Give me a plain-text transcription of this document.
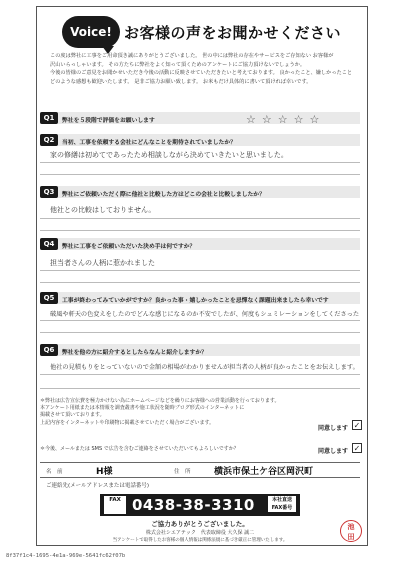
Voice! お客様の声をお聞かせください

この度は弊社に工事をご用命頂き誠にありがとうございました。 世の中には弊社の存在やサービスをご存知ない お客様が

沢山いらっしゃいます。 その方たちに弊社をよく知って頂くためのアンケートにご協力頂けないでしょうか。

今後の皆様のご意見をお聞かせいただき今後の活動に反映させていただきたいと考えております。 良かったこと、嫌しかったこと

どのような感想も歓迎いたします。 是非ご協力お願い致します。 お米もだけ具体的に書いて頂ければ幸いです。

Q1	弊社を５段階で評価をお願いします	☆☆☆☆☆
Q2	当初、工事を依頼する会社にどんなことを期待されていましたか？
家の修繕は初めてであったため相談しながら決めていきたいと思いました。
Q3	弊社にご依頼いただく際に他社と比較した方はどこの会社と比較しましたか？
他社との比較はしておりません。
Q4	弊社に工事をご依頼いただいた決め手は何ですか？
担当者さんの人柄に惹かれました
Q5	工事が終わってみていかがですか？良かった事・嬉しかったことを忌憚なく課題出来ましたら幸いです
破風や軒天の色変えをしたのでどんな感じになるのか不安でしたが、何度もシュミレーションをしてくださった
Q6	弊社を他の方に紹介するとしたらなんと紹介しますか？
他社の見積もりをとっていないので金額の相場がわかりませんが担当者の人柄が良かったことをお伝えします。
＊弊社は広告宣伝費を極力かけない為にホームページなどを繰りにお客様への営業活動を行っております。
本アンケート用紙または本情報を調査叢書や施工状況を随時ブログ形式のインターネットに
掲載させて頂いております。
上記内容をインターネットや印刷物に掲載させていただく場合がございます。
同意します ✓
＊今後、メールまたは SMS で広告を含むご連絡をさせていただいてもよろしいですか？	同意します ✓
名　前	H様	住　所	横浜市保土ケ谷区岡沢町
ご連絡先(メールアドレスまたは電話番号)
FAX 0438-38-3310	本社直送
FAX番号
ご協力ありがとうございました。
株式会社シエアテック　代表取締役 大久保 誠二
当アンケートで取得したお客様の個人情報は関係法規に基づき厳正に管理いたします。
池
田
8f37f1c4-1695-4e1a-969e-5641fc62f07b
